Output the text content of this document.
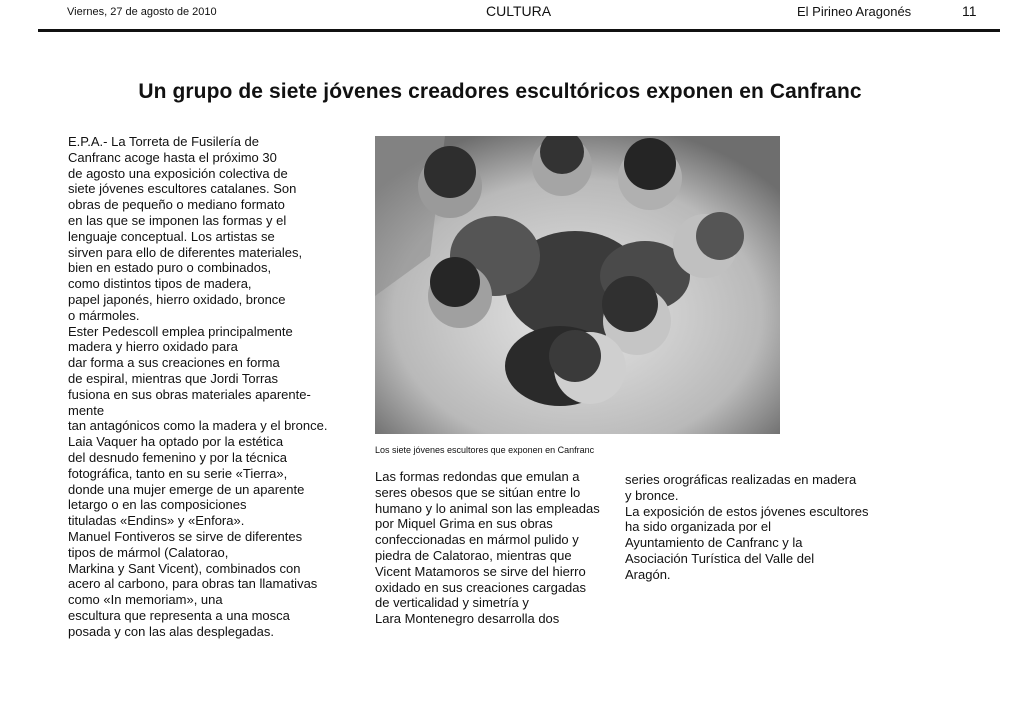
Viernes, 27 de agosto de 2010	CULTURA	El Pirineo Aragonés	11
Un grupo de siete jóvenes creadores escultóricos exponen en Canfranc
E.P.A.- La Torreta de Fusilería de
Canfranc acoge hasta el próximo 30
de agosto una exposición colectiva de
siete jóvenes escultores catalanes. Son
obras de pequeño o mediano formato
en las que se imponen las formas y el
lenguaje conceptual. Los artistas se
sirven para ello de diferentes materiales,
bien en estado puro o combinados,
como distintos tipos de madera,
papel japonés, hierro oxidado, bronce
o mármoles.
Ester Pedescoll emplea principalmente
madera y hierro oxidado para
dar forma a sus creaciones en forma
de espiral, mientras que Jordi Torras
fusiona en sus obras materiales aparente-
mente
tan antagónicos como la madera y el bronce.
Laia Vaquer ha optado por la estética
del desnudo femenino y por la técnica
fotográfica, tanto en su serie «Tierra»,
donde una mujer emerge de un aparente
letargo o en las composiciones
tituladas «Endins» y «Enfora».
Manuel Fontiveros se sirve de diferentes
tipos de mármol (Calatorao,
Markina y Sant Vicent), combinados con
acero al carbono, para obras tan llamativas
como «In memoriam», una
escultura que representa a una mosca
posada y con las alas desplegadas.
Los siete jóvenes escultores que exponen en Canfranc
Las formas redondas que emulan a
seres obesos que se sitúan entre lo
humano y lo animal son las empleadas
por Miquel Grima en sus obras
confeccionadas en mármol pulido y
piedra de Calatorao, mientras que
Vicent Matamoros se sirve del hierro
oxidado en sus creaciones cargadas
de verticalidad y simetría y
Lara Montenegro desarrolla dos
series orográficas realizadas en madera
y bronce.
La exposición de estos jóvenes escultores
ha sido organizada por el
Ayuntamiento de Canfranc y la
Asociación Turística del Valle del
Aragón.
